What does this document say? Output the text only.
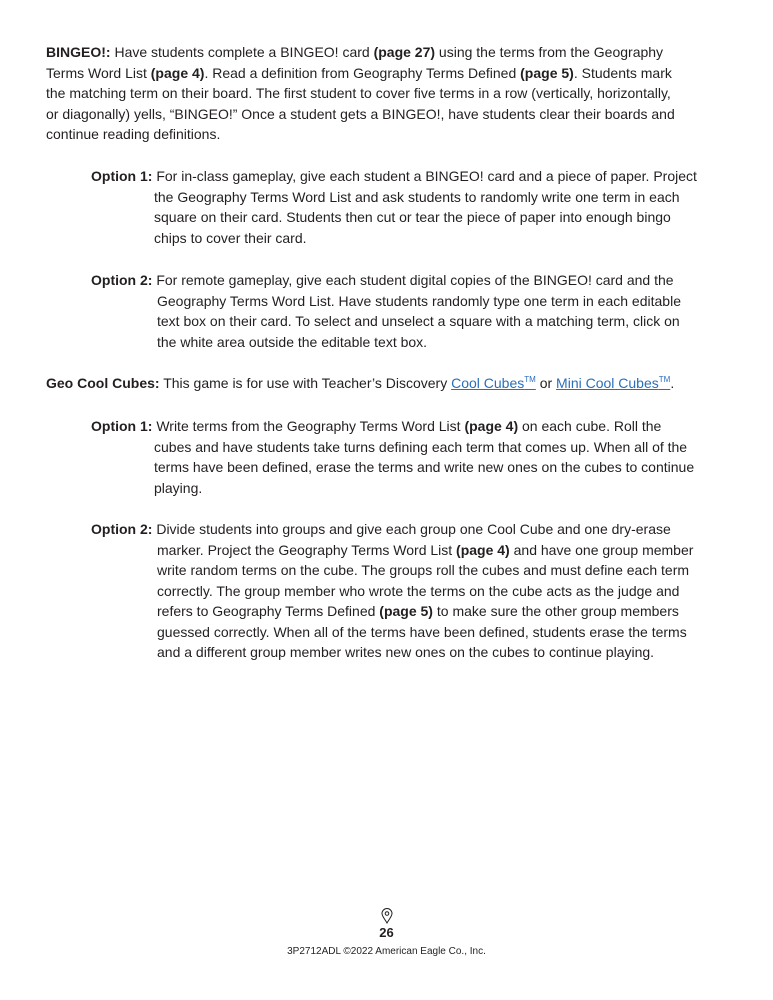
BINGEO!: Have students complete a BINGEO! card (page 27) using the terms from the Geography
Terms Word List (page 4). Read a definition from Geography Terms Defined (page 5). Students mark
the matching term on their board. The first student to cover five terms in a row (vertically, horizontally,
or diagonally) yells, “BINGEO!” Once a student gets a BINGEO!, have students clear their boards and
continue reading definitions.
Option 1: For in-class gameplay, give each student a BINGEO! card and a piece of paper. Project
the Geography Terms Word List and ask students to randomly write one term in each
square on their card. Students then cut or tear the piece of paper into enough bingo
chips to cover their card.
Option 2: For remote gameplay, give each student digital copies of the BINGEO! card and the
Geography Terms Word List. Have students randomly type one term in each editable
text box on their card. To select and unselect a square with a matching term, click on
the white area outside the editable text box.
Geo Cool Cubes: This game is for use with Teacher’s Discovery Cool Cubes™ or Mini Cool Cubes™.
Option 1: Write terms from the Geography Terms Word List (page 4) on each cube. Roll the
cubes and have students take turns defining each term that comes up. When all of the
terms have been defined, erase the terms and write new ones on the cubes to continue
playing.
Option 2: Divide students into groups and give each group one Cool Cube and one dry-erase
marker. Project the Geography Terms Word List (page 4) and have one group member
write random terms on the cube. The groups roll the cubes and must define each term
correctly. The group member who wrote the terms on the cube acts as the judge and
refers to Geography Terms Defined (page 5) to make sure the other group members
guessed correctly. When all of the terms have been defined, students erase the terms
and a different group member writes new ones on the cubes to continue playing.
26
3P2712ADL ©2022 American Eagle Co., Inc.
